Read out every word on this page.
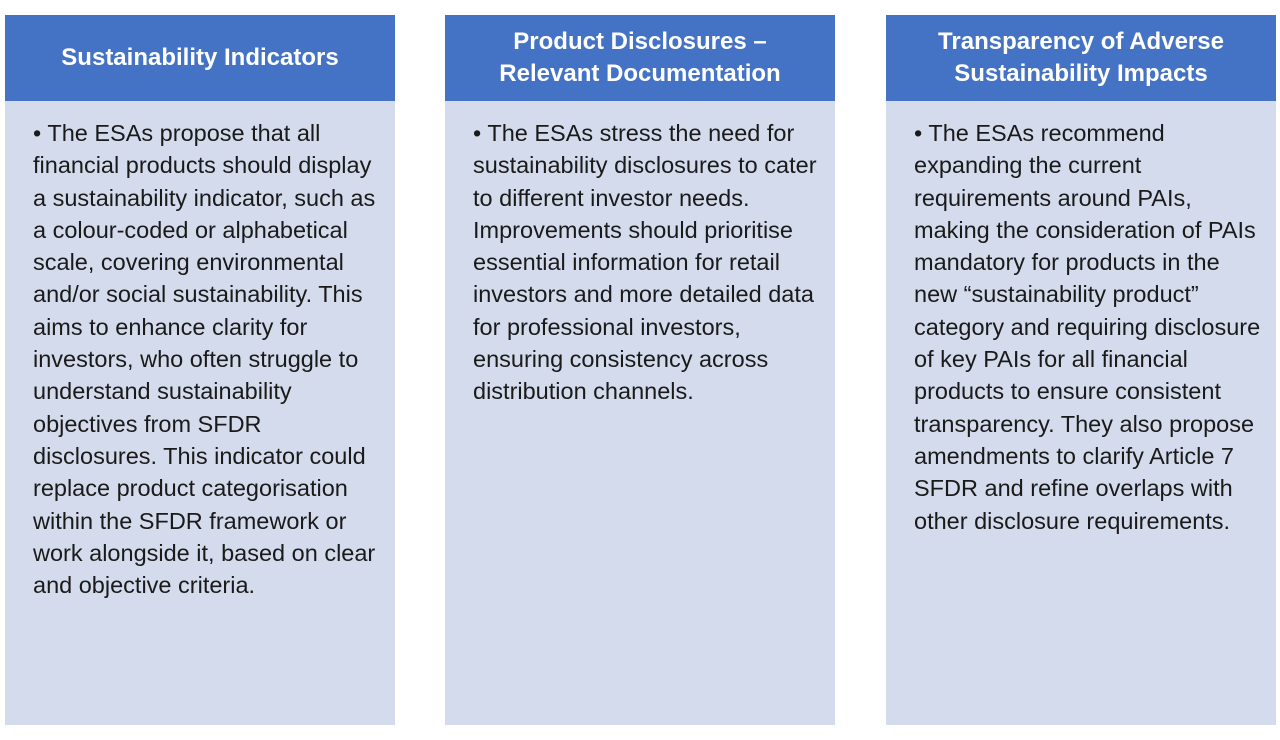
Sustainability Indicators

• The ESAs propose that all financial products should display a sustainability indicator, such as a colour-coded or alphabetical scale, covering environmental and/or social sustainability. This aims to enhance clarity for investors, who often struggle to understand sustainability objectives from SFDR disclosures. This indicator could replace product categorisation within the SFDR framework or work alongside it, based on clear and objective criteria.

Product Disclosures –
Relevant Documentation

• The ESAs stress the need for sustainability disclosures to cater to different investor needs. Improvements should prioritise essential information for retail investors and more detailed data for professional investors, ensuring consistency across distribution channels.

Transparency of Adverse
Sustainability Impacts

• The ESAs recommend expanding the current requirements around PAIs, making the consideration of PAIs mandatory for products in the new “sustainability product” category and requiring disclosure of key PAIs for all financial products to ensure consistent transparency. They also propose amendments to clarify Article 7 SFDR and refine overlaps with other disclosure requirements.
